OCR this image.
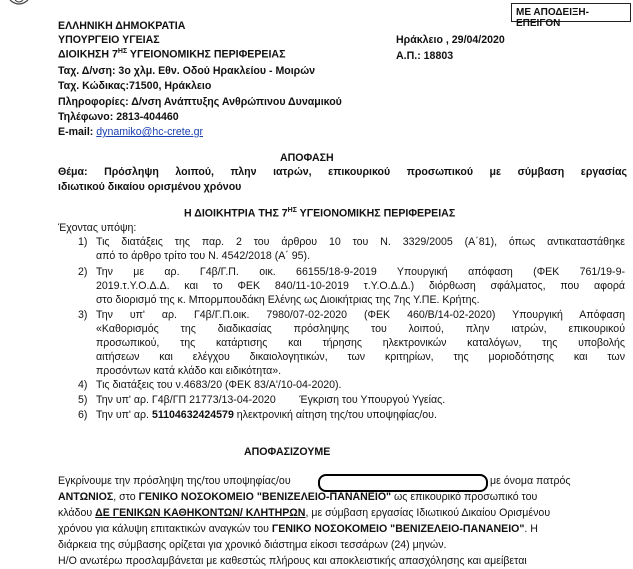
ΜΕ ΑΠΟΔΕΙΞΗ-ΕΠΕΙΓΟΝ
ΕΛΛΗΝΙΚΗ ΔΗΜΟΚΡΑΤΙΑ
ΥΠΟΥΡΓΕΙΟ ΥΓΕΙΑΣ
ΔΙΟΙΚΗΣΗ $7^{H\Sigma}$ ΥΓΕΙΟΝΟΜΙΚΗΣ ΠΕΡΙΦΕΡΕΙΑΣ
Ταχ. Δ/νση: 3ο χλμ. Εθν. Οδού Ηρακλείου - Μοιρών
Ταχ. Κώδικας:71500, Ηράκλειο
Πληροφορίες: Δ/νση Ανάπτυξης Ανθρώπινου Δυναμικού
Τηλέφωνο: 2813-404460
E-mail: dynamiko@hc-crete.gr
Ηράκλειο , 29/04/2020
Α.Π.: 18803
ΑΠΟΦΑΣΗ
Θέμα: Πρόσληψη λοιπού, πλην ιατρών, επικουρικού προσωπικού με σύμβαση εργασίας
ιδιωτικού δικαίου ορισμένου χρόνου
Η ΔΙΟΙΚΗΤΡΙΑ ΤΗΣ $7^{H\Sigma}$ ΥΓΕΙΟΝΟΜΙΚΗΣ ΠΕΡΙΦΕΡΕΙΑΣ
Έχοντας υπόψη:
1) Τις διατάξεις της παρ. 2 του άρθρου 10 του Ν. 3329/2005 (Α΄81), όπως αντικαταστάθηκε
από το άρθρο τρίτο του Ν. 4542/2018 (Α΄ 95).
2) Την με αρ. Γ4β/Γ.Π. οικ. 66155/18-9-2019 Υπουργική απόφαση (ΦΕΚ 761/19-9-
2019.τ.Υ.Ο.Δ.Δ. και το ΦΕΚ 840/11-10-2019 τ.Υ.Ο.Δ.Δ.) διόρθωση σφάλματος, που αφορά
στο διορισμό της κ. Μπορμπουδάκη Ελένης ως Διοικήτριας της 7ης Υ.ΠΕ. Κρήτης.
3) Την υπ' αρ. Γ4β/Γ.Π.οικ. 7980/07-02-2020 (ΦΕΚ 460/Β/14-02-2020) Υπουργική Απόφαση
«Καθορισμός της διαδικασίας πρόσληψης του λοιπού, πλην ιατρών, επικουρικού
προσωπικού, της κατάρτισης και τήρησης ηλεκτρονικών καταλόγων, της υποβολής
αιτήσεων και ελέγχου δικαιολογητικών, των κριτηρίων, της μοριοδότησης και των
προσόντων κατά κλάδο και ειδικότητα».
4) Τις διατάξεις του ν.4683/20 (ΦΕΚ 83/Α'/10-04-2020).
5) Την υπ' αρ. Γ4β/ΓΠ 21773/13-04-2020        Έγκριση του Υπουργού Υγείας.
6) Την υπ' αρ. 51104632424579 ηλεκτρονική αίτηση της/του υποψηφίας/ου.
ΑΠΟΦΑΣΙΖΟΥΜΕ
Εγκρίνουμε την πρόσληψη της/του υποψηφίας/ου	με όνομα πατρός
ΑΝΤΩΝΙΟΣ, στο ΓΕΝΙΚΟ ΝΟΣΟΚΟΜΕΙΟ "ΒΕΝΙΖΕΛΕΙΟ-ΠΑΝΑΝΕΙΟ" ως επικουρικό προσωπικό του
κλάδου ΔΕ ΓΕΝΙΚΩΝ ΚΑΘΗΚΟΝΤΩΝ/ ΚΛΗΤΗΡΩΝ, με σύμβαση εργασίας Ιδιωτικού Δικαίου Ορισμένου
χρόνου για κάλυψη επιτακτικών αναγκών του ΓΕΝΙΚΟ ΝΟΣΟΚΟΜΕΙΟ "ΒΕΝΙΖΕΛΕΙΟ-ΠΑΝΑΝΕΙΟ". Η
διάρκεια της σύμβασης ορίζεται για χρονικό διάστημα είκοσι τεσσάρων (24) μηνών.
Η/Ο ανωτέρω προσλαμβάνεται με καθεστώς πλήρους και αποκλειστικής απασχόλησης και αμείβεται
